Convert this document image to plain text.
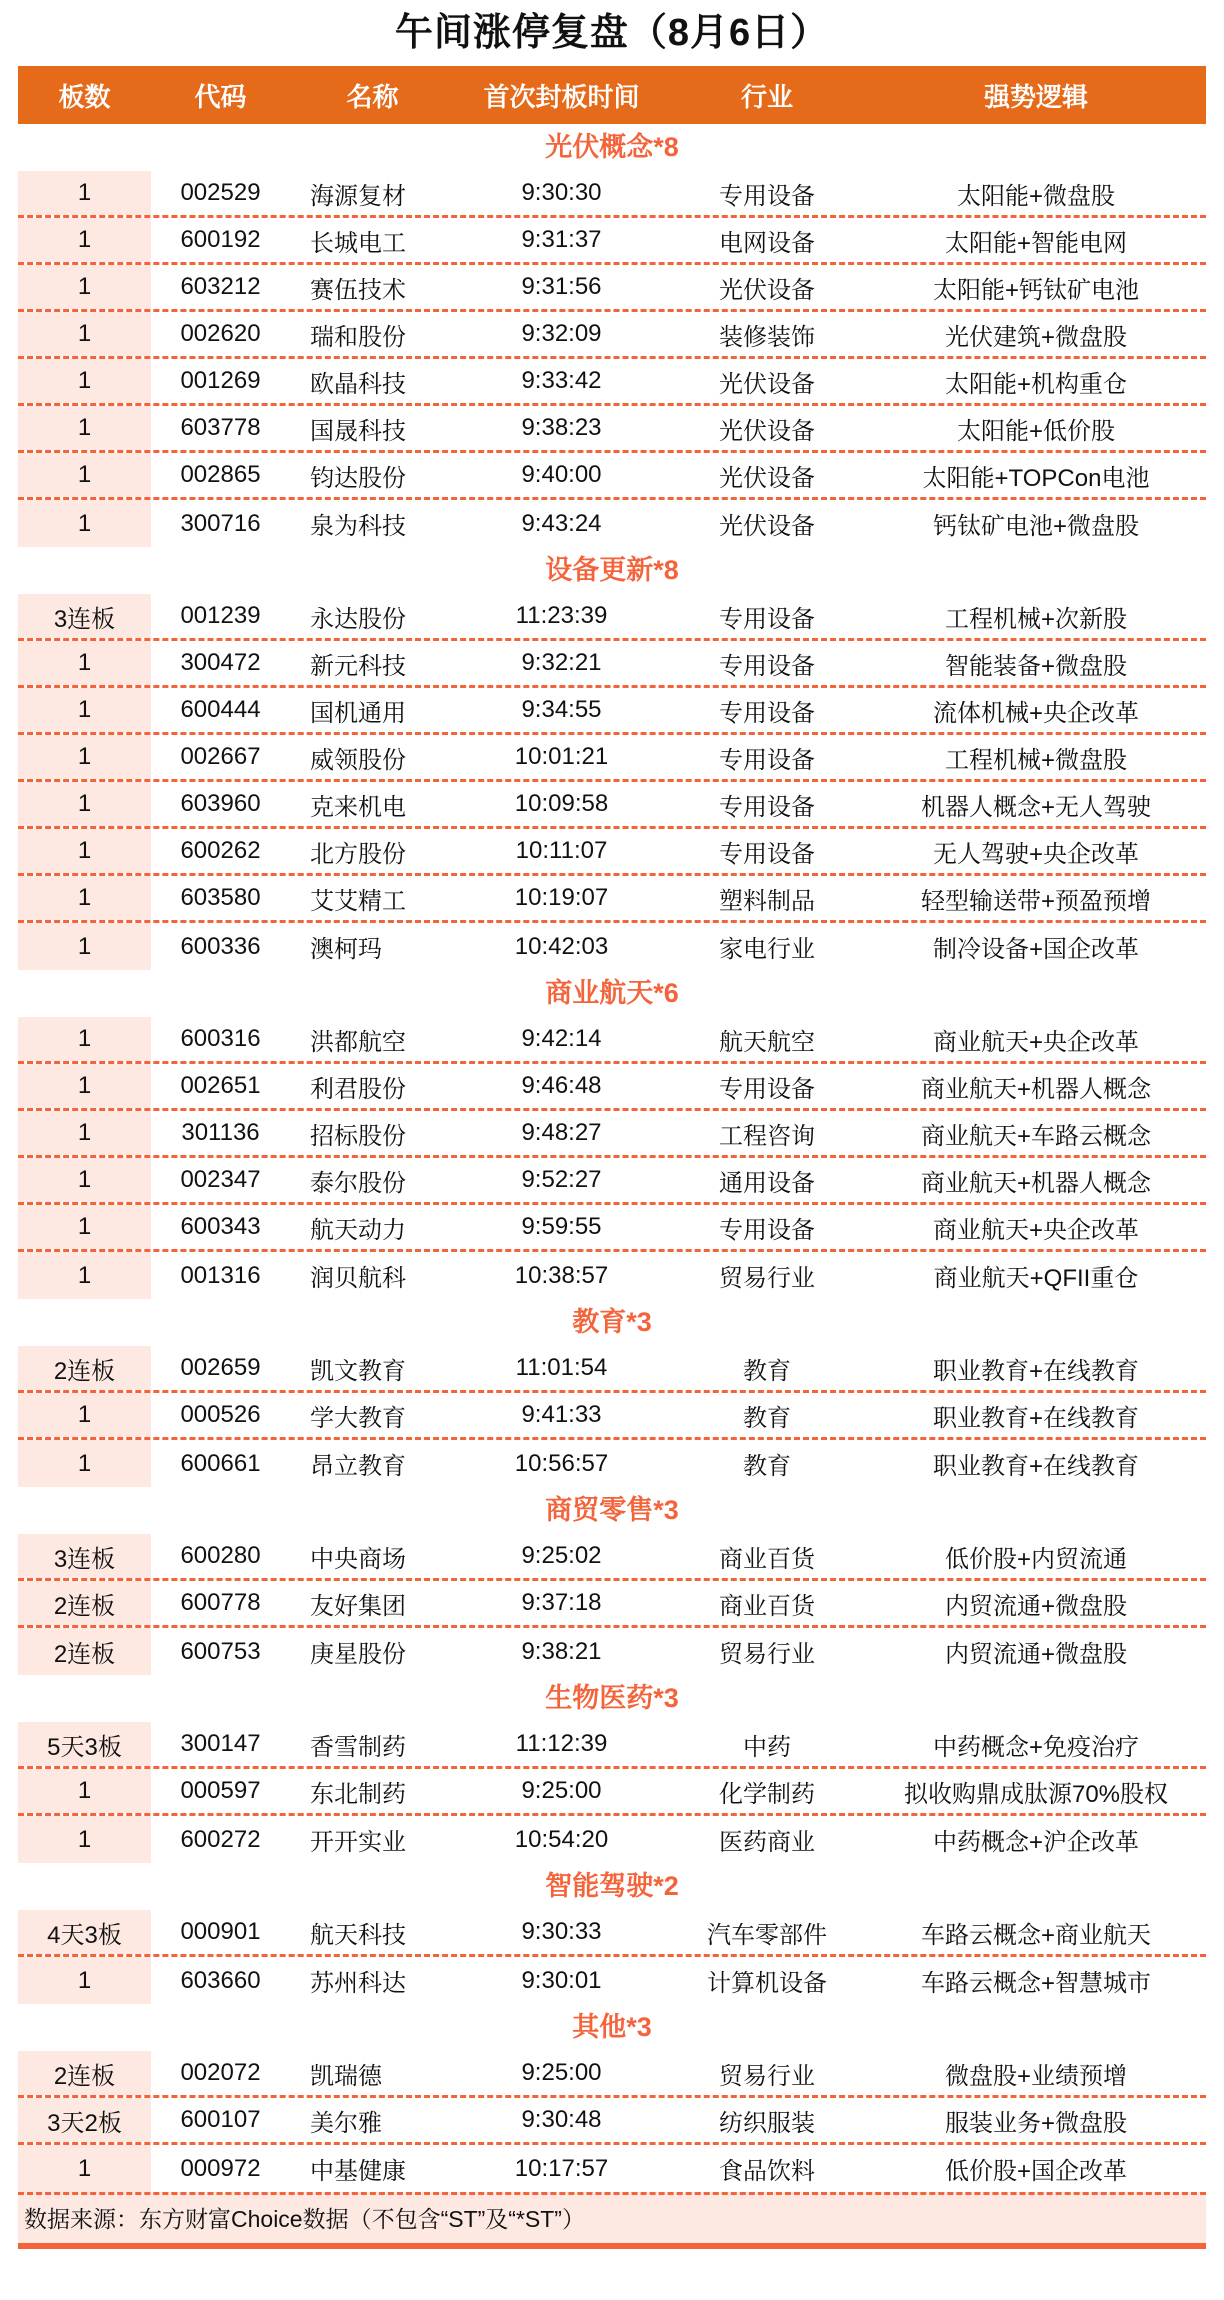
午间涨停复盘（8月6日）
板数	代码	名称	首次封板时间	行业	强势逻辑
光伏概念*8
1	002529	海源复材	9:30:30	专用设备	太阳能+微盘股
1	600192	长城电工	9:31:37	电网设备	太阳能+智能电网
1	603212	赛伍技术	9:31:56	光伏设备	太阳能+钙钛矿电池
1	002620	瑞和股份	9:32:09	装修装饰	光伏建筑+微盘股
1	001269	欧晶科技	9:33:42	光伏设备	太阳能+机构重仓
1	603778	国晟科技	9:38:23	光伏设备	太阳能+低价股
1	002865	钧达股份	9:40:00	光伏设备	太阳能+TOPCon电池
1	300716	泉为科技	9:43:24	光伏设备	钙钛矿电池+微盘股
设备更新*8
3连板	001239	永达股份	11:23:39	专用设备	工程机械+次新股
1	300472	新元科技	9:32:21	专用设备	智能装备+微盘股
1	600444	国机通用	9:34:55	专用设备	流体机械+央企改革
1	002667	威领股份	10:01:21	专用设备	工程机械+微盘股
1	603960	克来机电	10:09:58	专用设备	机器人概念+无人驾驶
1	600262	北方股份	10:11:07	专用设备	无人驾驶+央企改革
1	603580	艾艾精工	10:19:07	塑料制品	轻型输送带+预盈预增
1	600336	澳柯玛	10:42:03	家电行业	制冷设备+国企改革
商业航天*6
1	600316	洪都航空	9:42:14	航天航空	商业航天+央企改革
1	002651	利君股份	9:46:48	专用设备	商业航天+机器人概念
1	301136	招标股份	9:48:27	工程咨询	商业航天+车路云概念
1	002347	泰尔股份	9:52:27	通用设备	商业航天+机器人概念
1	600343	航天动力	9:59:55	专用设备	商业航天+央企改革
1	001316	润贝航科	10:38:57	贸易行业	商业航天+QFII重仓
教育*3
2连板	002659	凯文教育	11:01:54	教育	职业教育+在线教育
1	000526	学大教育	9:41:33	教育	职业教育+在线教育
1	600661	昂立教育	10:56:57	教育	职业教育+在线教育
商贸零售*3
3连板	600280	中央商场	9:25:02	商业百货	低价股+内贸流通
2连板	600778	友好集团	9:37:18	商业百货	内贸流通+微盘股
2连板	600753	庚星股份	9:38:21	贸易行业	内贸流通+微盘股
生物医药*3
5天3板	300147	香雪制药	11:12:39	中药	中药概念+免疫治疗
1	000597	东北制药	9:25:00	化学制药	拟收购鼎成肽源70%股权
1	600272	开开实业	10:54:20	医药商业	中药概念+沪企改革
智能驾驶*2
4天3板	000901	航天科技	9:30:33	汽车零部件	车路云概念+商业航天
1	603660	苏州科达	9:30:01	计算机设备	车路云概念+智慧城市
其他*3
2连板	002072	凯瑞德	9:25:00	贸易行业	微盘股+业绩预增
3天2板	600107	美尔雅	9:30:48	纺织服装	服装业务+微盘股
1	000972	中基健康	10:17:57	食品饮料	低价股+国企改革
数据来源：东方财富Choice数据（不包含“ST”及“*ST”）
